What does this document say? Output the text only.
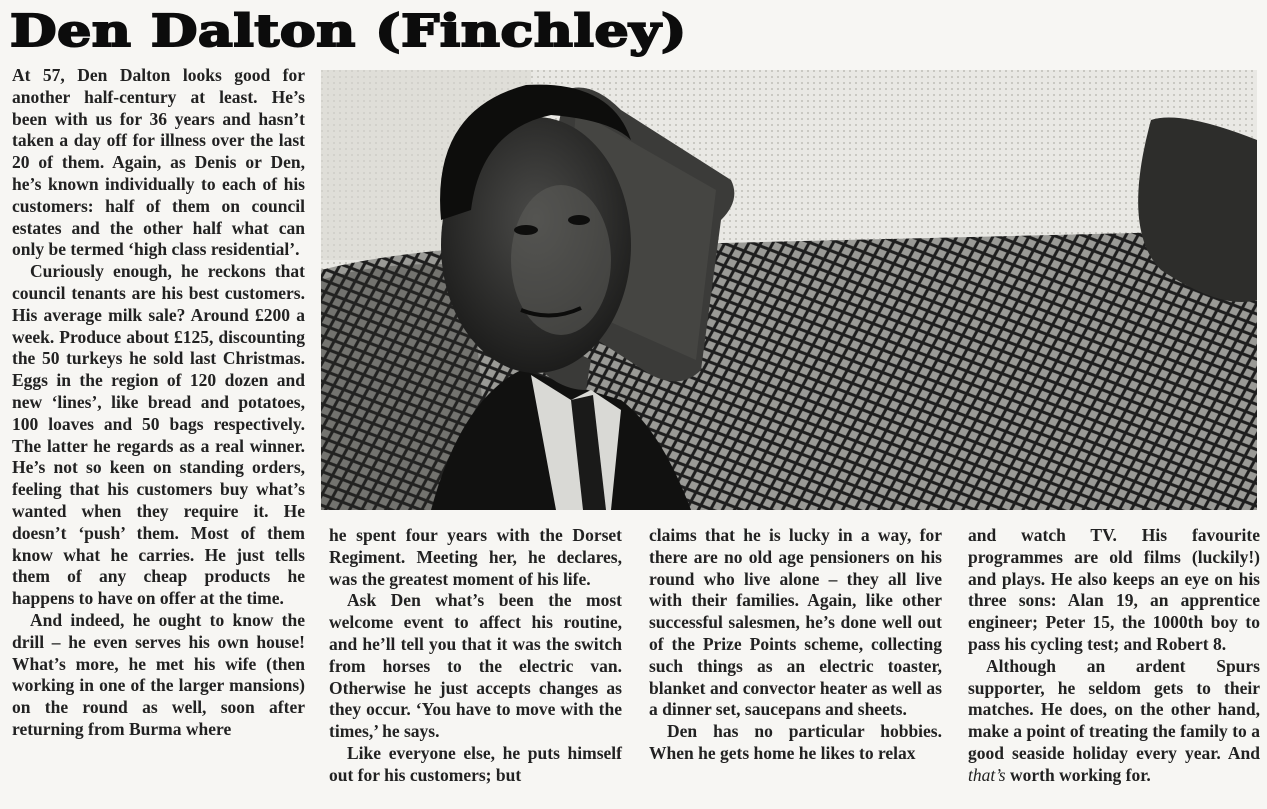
Den Dalton (Finchley)

At 57, Den Dalton looks good for another half-century at least. He’s been with us for 36 years and hasn’t taken a day off for illness over the last 20 of them. Again, as Denis or Den, he’s known individually to each of his customers: half of them on council estates and the other half what can only be termed ‘high class residential’.

Curiously enough, he reckons that council tenants are his best customers. His average milk sale? Around £200 a week. Produce about £125, discounting the 50 turkeys he sold last Christmas. Eggs in the region of 120 dozen and new ‘lines’, like bread and potatoes, 100 loaves and 50 bags respectively. The latter he regards as a real winner. He’s not so keen on standing orders, feeling that his customers buy what’s wanted when they require it. He doesn’t ‘push’ them. Most of them know what he carries. He just tells them of any cheap products he happens to have on offer at the time.

And indeed, he ought to know the drill – he even serves his own house! What’s more, he met his wife (then working in one of the larger mansions) on the round as well, soon after returning from Burma where

he spent four years with the Dorset Regiment. Meeting her, he declares, was the greatest moment of his life.

Ask Den what’s been the most welcome event to affect his routine, and he’ll tell you that it was the switch from horses to the electric van. Otherwise he just accepts changes as they occur. ‘You have to move with the times,’ he says.

Like everyone else, he puts himself out for his customers; but

claims that he is lucky in a way, for there are no old age pensioners on his round who live alone – they all live with their families. Again, like other successful salesmen, he’s done well out of the Prize Points scheme, collecting such things as an electric toaster, blanket and convector heater as well as a dinner set, saucepans and sheets.

Den has no particular hobbies. When he gets home he likes to relax

and watch TV. His favourite programmes are old films (luckily!) and plays. He also keeps an eye on his three sons: Alan 19, an apprentice engineer; Peter 15, the 1000th boy to pass his cycling test; and Robert 8.

Although an ardent Spurs supporter, he seldom gets to their matches. He does, on the other hand, make a point of treating the family to a good seaside holiday every year. And that’s worth working for.
